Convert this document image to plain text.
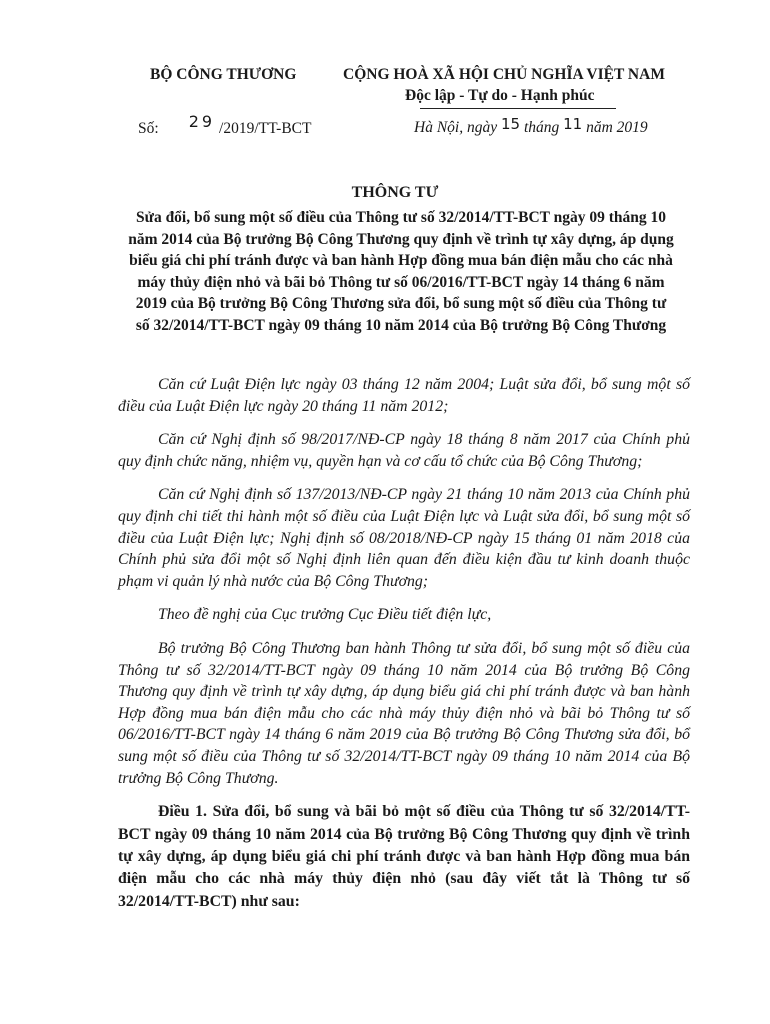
BỘ CÔNG THƯƠNG	CỘNG HOÀ XÃ HỘI CHỦ NGHĨA VIỆT NAM
Độc lập - Tự do - Hạnh phúc
Số: 29 /2019/TT-BCT	Hà Nội, ngày 15 tháng 11 năm 2019
THÔNG TƯ
Sửa đổi, bổ sung một số điều của Thông tư số 32/2014/TT-BCT ngày 09 tháng 10 năm 2014 của Bộ trưởng Bộ Công Thương quy định về trình tự xây dựng, áp dụng biểu giá chi phí tránh được và ban hành Hợp đồng mua bán điện mẫu cho các nhà máy thủy điện nhỏ và bãi bỏ Thông tư số 06/2016/TT-BCT ngày 14 tháng 6 năm 2019 của Bộ trưởng Bộ Công Thương sửa đổi, bổ sung một số điều của Thông tư số 32/2014/TT-BCT ngày 09 tháng 10 năm 2014 của Bộ trưởng Bộ Công Thương

Căn cứ Luật Điện lực ngày 03 tháng 12 năm 2004; Luật sửa đổi, bổ sung một số điều của Luật Điện lực ngày 20 tháng 11 năm 2012;

Căn cứ Nghị định số 98/2017/NĐ-CP ngày 18 tháng 8 năm 2017 của Chính phủ quy định chức năng, nhiệm vụ, quyền hạn và cơ cấu tổ chức của Bộ Công Thương;

Căn cứ Nghị định số 137/2013/NĐ-CP ngày 21 tháng 10 năm 2013 của Chính phủ quy định chi tiết thi hành một số điều của Luật Điện lực và Luật sửa đổi, bổ sung một số điều của Luật Điện lực; Nghị định số 08/2018/NĐ-CP ngày 15 tháng 01 năm 2018 của Chính phủ sửa đổi một số Nghị định liên quan đến điều kiện đầu tư kinh doanh thuộc phạm vi quản lý nhà nước của Bộ Công Thương;

Theo đề nghị của Cục trưởng Cục Điều tiết điện lực,

Bộ trưởng Bộ Công Thương ban hành Thông tư sửa đổi, bổ sung một số điều của Thông tư số 32/2014/TT-BCT ngày 09 tháng 10 năm 2014 của Bộ trưởng Bộ Công Thương quy định về trình tự xây dựng, áp dụng biểu giá chi phí tránh được và ban hành Hợp đồng mua bán điện mẫu cho các nhà máy thủy điện nhỏ và bãi bỏ Thông tư số 06/2016/TT-BCT ngày 14 tháng 6 năm 2019 của Bộ trưởng Bộ Công Thương sửa đổi, bổ sung một số điều của Thông tư số 32/2014/TT-BCT ngày 09 tháng 10 năm 2014 của Bộ trưởng Bộ Công Thương.

Điều 1. Sửa đổi, bổ sung và bãi bỏ một số điều của Thông tư số 32/2014/TT-BCT ngày 09 tháng 10 năm 2014 của Bộ trưởng Bộ Công Thương quy định về trình tự xây dựng, áp dụng biểu giá chi phí tránh được và ban hành Hợp đồng mua bán điện mẫu cho các nhà máy thủy điện nhỏ (sau đây viết tắt là Thông tư số 32/2014/TT-BCT) như sau:
